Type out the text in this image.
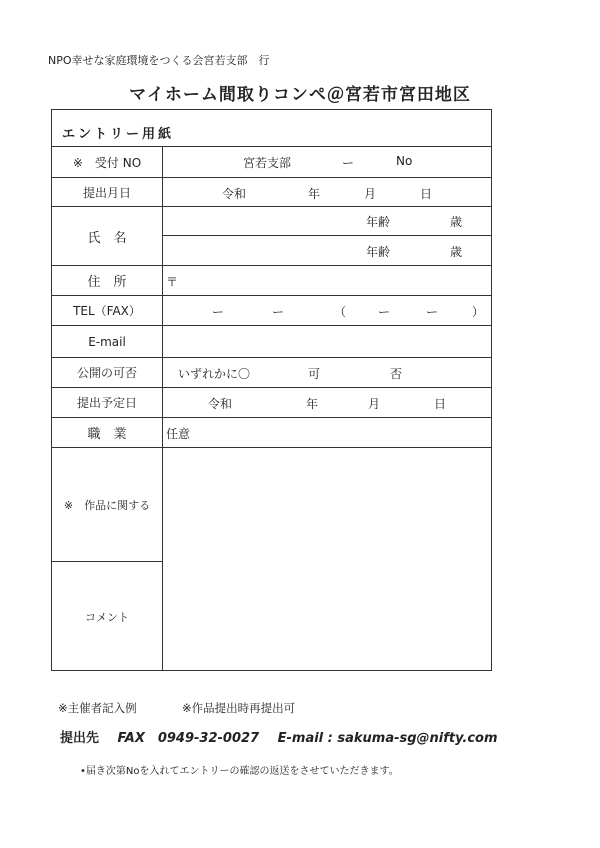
NPO幸せな家庭環境をつくる会宮若支部　行
マイホーム間取りコンペ＠宮若市宮田地区
エントリー用紙
※　受付 NO	宮若支部	ー	No
提出月日	令和	年	月	日
氏　名
年齢	歳
年齢	歳
住　所	〒
TEL（FAX）	ー	ー	（	ー	ー	）
E-mail
公開の可否	いずれかに〇	可	否
提出予定日	令和	年	月	日
職　業	任意
※　作品に関する
コメント
※主催者記入例	※作品提出時再提出可
提出先 FAX　0949-32-0027 E-mail : sakuma-sg@nifty.com
•届き次第Noを入れてエントリーの確認の返送をさせていただきます。
